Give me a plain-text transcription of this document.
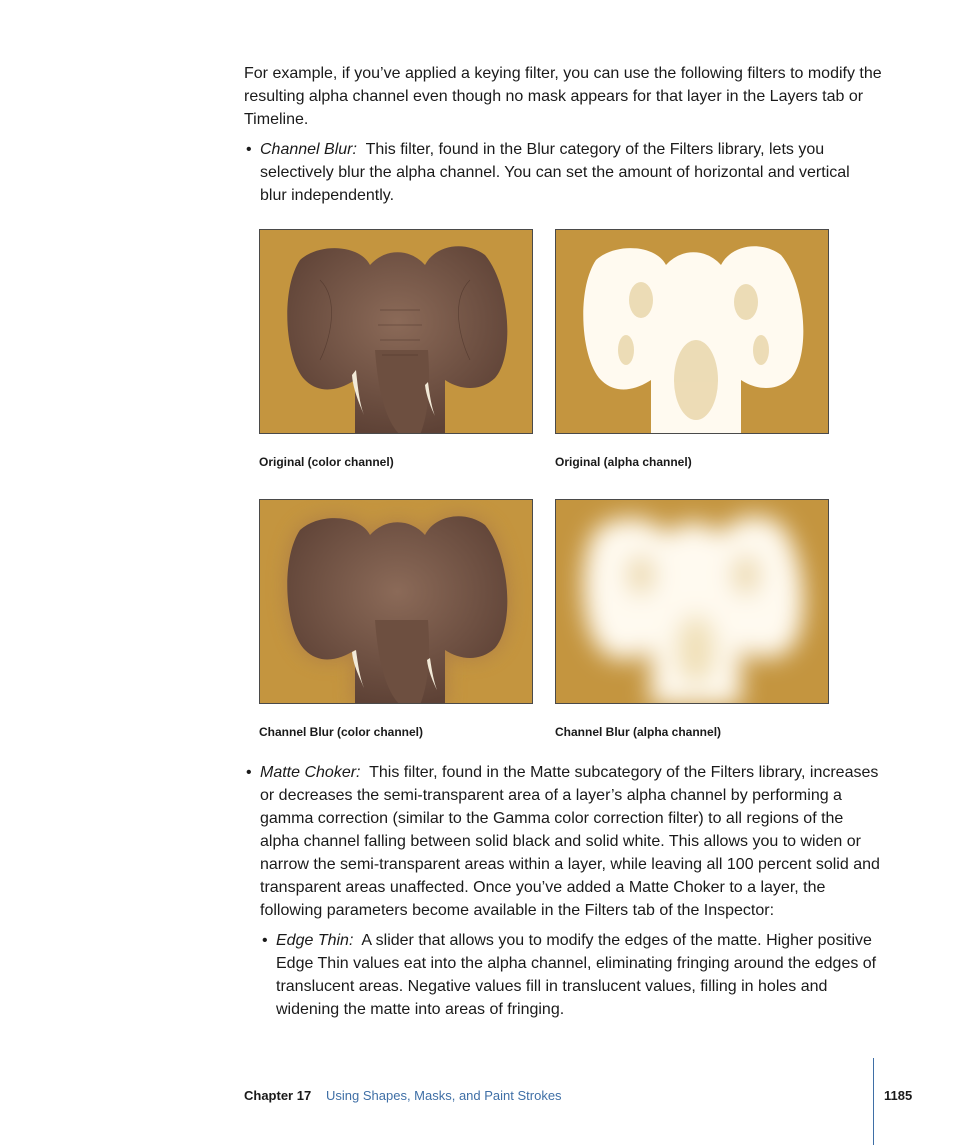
For example, if you’ve applied a keying filter, you can use the following filters to modify the resulting alpha channel even though no mask appears for that layer in the Layers tab or Timeline.
• Channel Blur: This filter, found in the Blur category of the Filters library, lets you selectively blur the alpha channel. You can set the amount of horizontal and vertical blur independently.
Original (color channel)	Original (alpha channel)
Channel Blur (color channel)	Channel Blur (alpha channel)
• Matte Choker: This filter, found in the Matte subcategory of the Filters library, increases or decreases the semi-transparent area of a layer’s alpha channel by performing a gamma correction (similar to the Gamma color correction filter) to all regions of the alpha channel falling between solid black and solid white. This allows you to widen or narrow the semi-transparent areas within a layer, while leaving all 100 percent solid and transparent areas unaffected. Once you’ve added a Matte Choker to a layer, the following parameters become available in the Filters tab of the Inspector:
• Edge Thin: A slider that allows you to modify the edges of the matte. Higher positive Edge Thin values eat into the alpha channel, eliminating fringing around the edges of translucent areas. Negative values fill in translucent values, filling in holes and widening the matte into areas of fringing.
Chapter 17 Using Shapes, Masks, and Paint Strokes	1185
